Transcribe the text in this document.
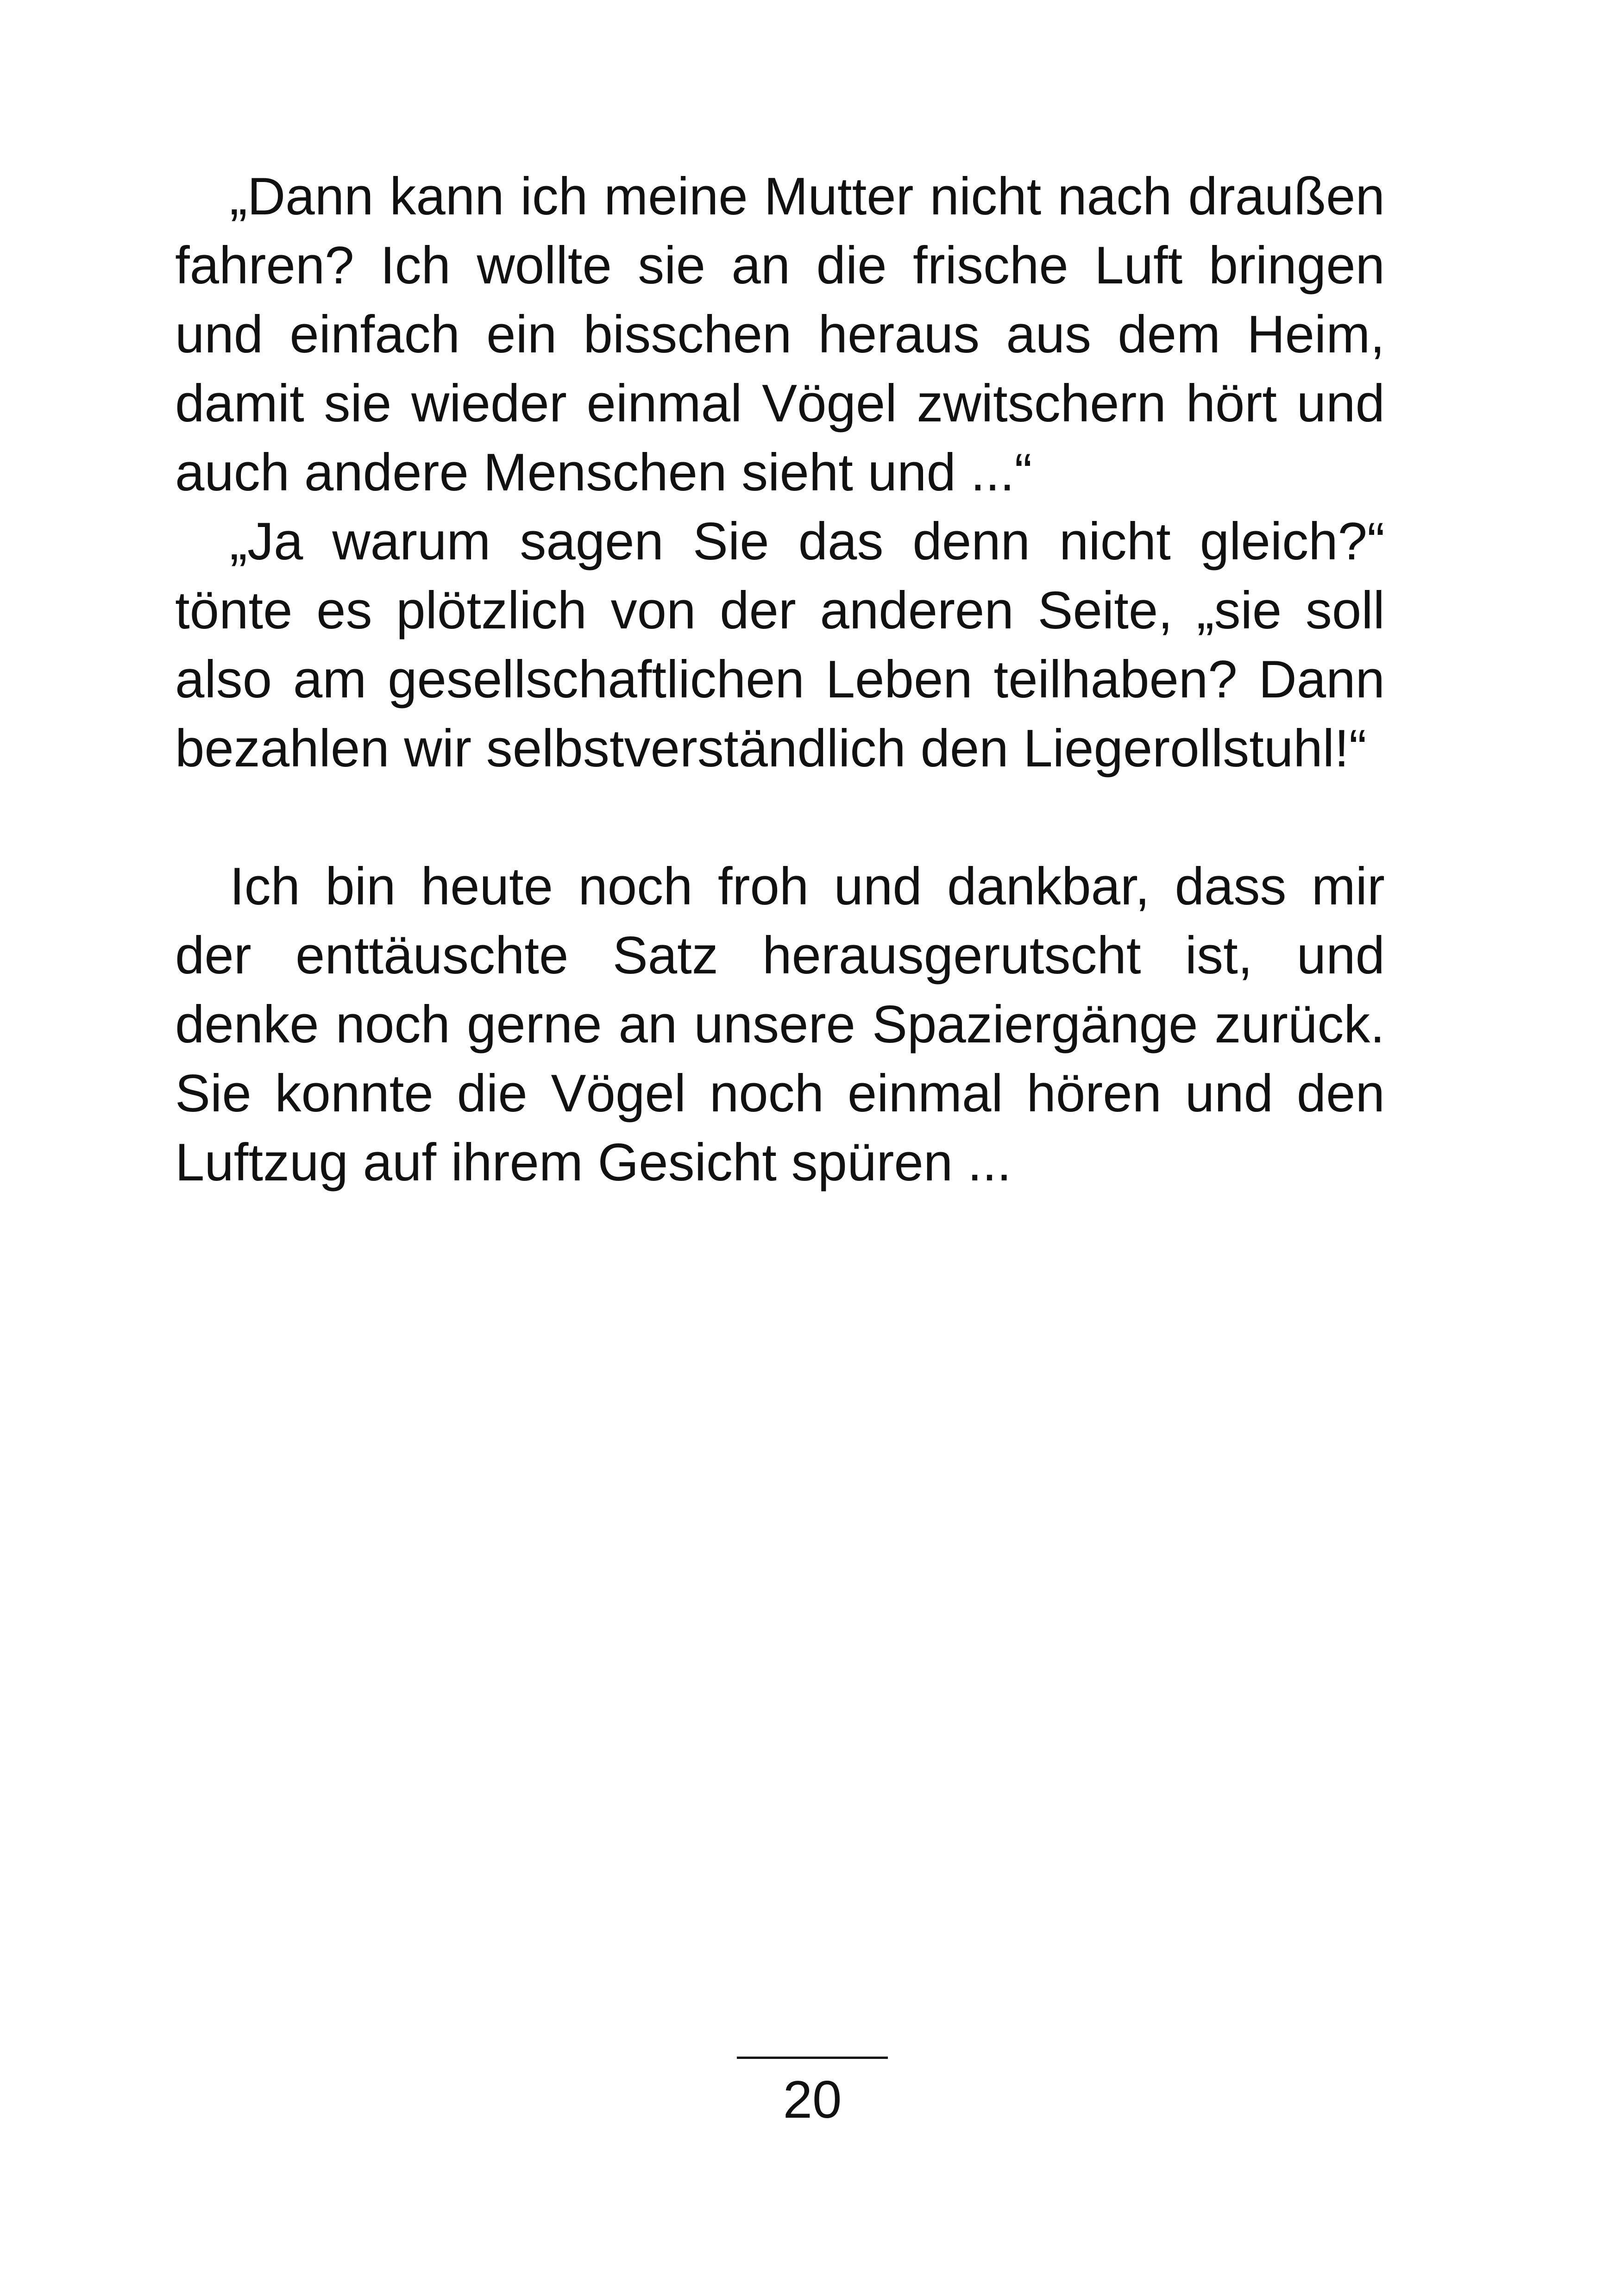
„Dann kann ich meine Mutter nicht nach draußen fahren? Ich wollte sie an die frische Luft bringen und einfach ein bisschen heraus aus dem Heim, damit sie wieder einmal Vögel zwitschern hört und auch andere Menschen sieht und ...“

„Ja warum sagen Sie das denn nicht gleich?“ tönte es plötzlich von der anderen Seite, „sie soll also am gesellschaftlichen Leben teilhaben? Dann bezahlen wir selbstverständlich den Liegerollstuhl!“

Ich bin heute noch froh und dankbar, dass mir der enttäuschte Satz herausgerutscht ist, und denke noch gerne an unsere Spaziergänge zurück. Sie konnte die Vögel noch einmal hören und den Luftzug auf ihrem Gesicht spüren ...

20
